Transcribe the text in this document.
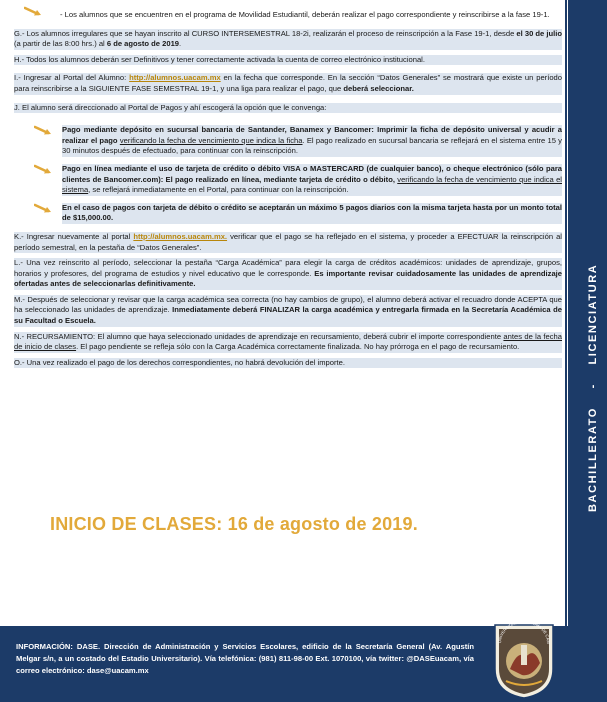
BACHILLERATO    -    LICENCIATURA

- Los alumnos que se encuentren en el programa de Movilidad Estudiantil, deberán realizar el pago correspondiente y reinscribirse a la fase 19-1.

G.- Los alumnos irregulares que se hayan inscrito al CURSO INTERSEMESTRAL 18-2i, realizarán el proceso de reinscripción a la Fase 19-1, desde el 30 de julio (a partir de las 8:00 hrs.) al 6 de agosto de 2019.

H.- Todos los alumnos deberán ser Definitivos y tener correctamente activada la cuenta de correo electrónico institucional.

I.- Ingresar al Portal del Alumno: http://alumnos.uacam.mx en la fecha que corresponde. En la sección “Datos Generales” se mostrará que existe un período para reinscribirse a la SIGUIENTE FASE SEMESTRAL 19-1, y una liga para realizar el pago, que deberá seleccionar.

J. El alumno será direccionado al Portal de Pagos y ahí escogerá la opción que le convenga:

Pago mediante depósito en sucursal bancaria de Santander, Banamex y Bancomer: Imprimir la ficha de depósito universal y acudir a realizar el pago verificando la fecha de vencimiento que indica la ficha. El pago realizado en sucursal bancaria se reflejará en el sistema entre 15 y 30 minutos después de efectuado, para continuar con la reinscripción.

Pago en línea mediante el uso de tarjeta de crédito o débito VISA o MASTERCARD (de cualquier banco), o cheque electrónico (sólo para clientes de Bancomer.com): El pago realizado en línea, mediante tarjeta de crédito o débito, verificando la fecha de vencimiento que indica el sistema, se reflejará inmediatamente en el Portal, para continuar con la reinscripción.

En el caso de pagos con tarjeta de débito o crédito se aceptarán un máximo 5 pagos diarios con la misma tarjeta hasta por un monto total de $15,000.00.

K.- Ingresar nuevamente al portal http://alumnos.uacam.mx. verificar que el pago se ha reflejado en el sistema, y proceder a EFECTUAR la reinscripción al período semestral, en la pestaña de “Datos Generales”.

L.- Una vez reinscrito al período, seleccionar la pestaña “Carga Académica” para elegir la carga de créditos académicos: unidades de aprendizaje, grupos, horarios y profesores, del programa de estudios y nivel educativo que le corresponde. Es importante revisar cuidadosamente las unidades de aprendizaje ofertadas antes de seleccionarlas definitivamente.

M.- Después de seleccionar y revisar que la carga académica sea correcta (no hay cambios de grupo), el alumno deberá activar el recuadro donde ACEPTA que ha seleccionado las unidades de aprendizaje. Inmediatamente deberá FINALIZAR la carga académica y entregarla firmada en la Secretaría Académica de su Facultad o Escuela.

N.- RECURSAMIENTO: El alumno que haya seleccionado unidades de aprendizaje en recursamiento, deberá cubrir el importe correspondiente antes de la fecha de inicio de clases. El pago pendiente se refleja sólo con la Carga Académica correctamente finalizada. No hay prórroga en el pago de recursamiento.

O.- Una vez realizado el pago de los derechos correspondientes, no habrá devolución del importe.

INICIO DE CLASES: 16 de agosto de 2019.

INFORMACIÓN: DASE. Dirección de Administración y Servicios Escolares, edificio de la Secretaría General (Av. Agustín Melgar s/n, a un costado del Estadio Universitario). Vía telefónica: (981) 811-98-00 Ext. 1070100, vía twitter: @DASEuacam, vía correo electrónico: dase@uacam.mx

UNIVERSIDAD AUTÓNOMA DE CAM
